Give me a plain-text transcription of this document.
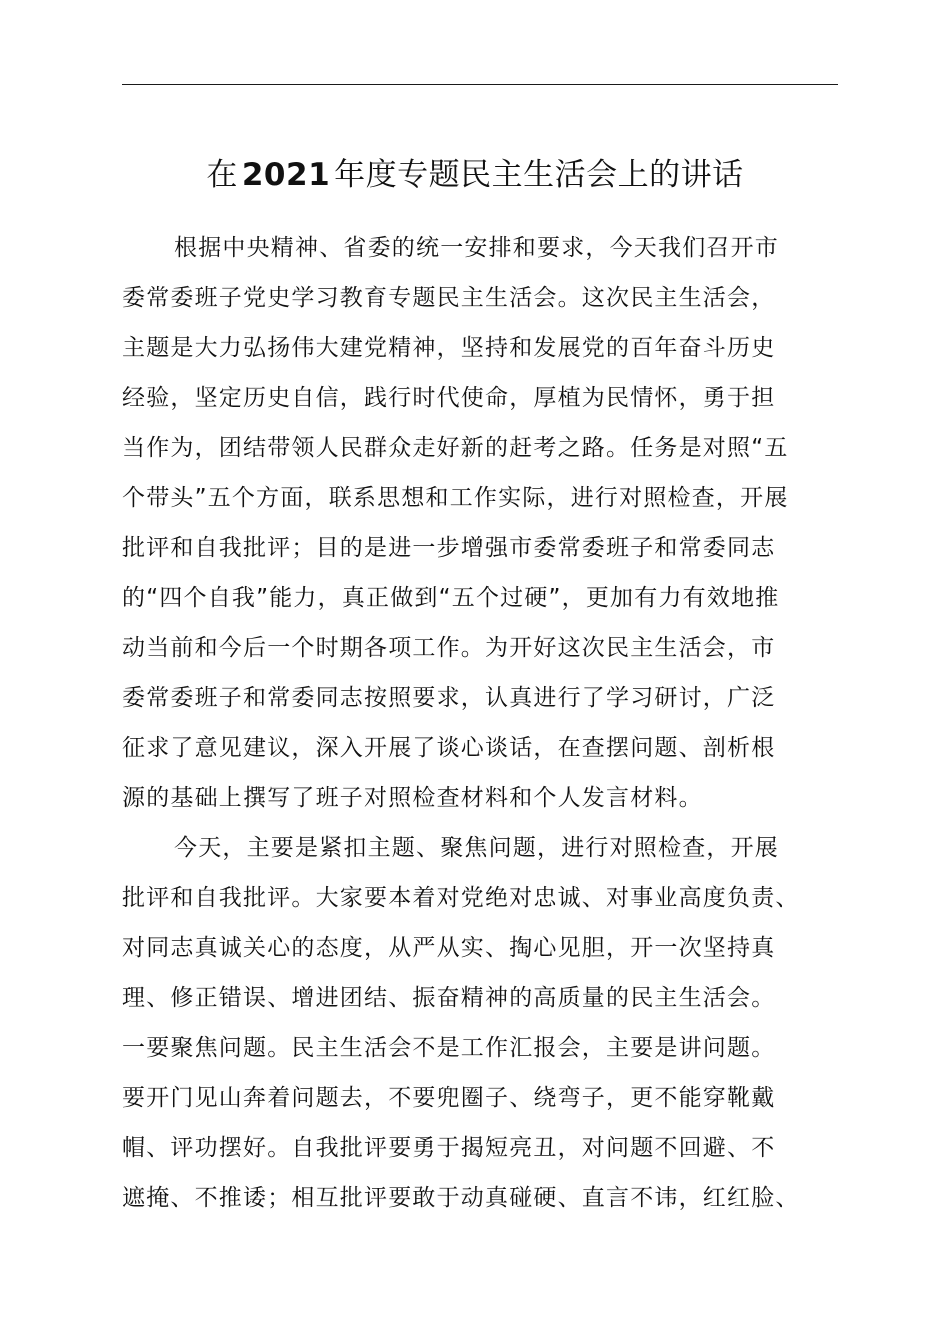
在 2021 年度专题民主生活会上的讲话
根据中央精神、省委的统一安排和要求，今天我们召开市
委常委班子党史学习教育专题民主生活会。这次民主生活会，
主题是大力弘扬伟大建党精神，坚持和发展党的百年奋斗历史
经验，坚定历史自信，践行时代使命，厚植为民情怀，勇于担
当作为，团结带领人民群众走好新的赶考之路。任务是对照“五
个带头”五个方面，联系思想和工作实际，进行对照检查，开展
批评和自我批评；目的是进一步增强市委常委班子和常委同志
的“四个自我”能力，真正做到“五个过硬”，更加有力有效地推
动当前和今后一个时期各项工作。为开好这次民主生活会，市
委常委班子和常委同志按照要求，认真进行了学习研讨，广泛
征求了意见建议，深入开展了谈心谈话，在查摆问题、剖析根
源的基础上撰写了班子对照检查材料和个人发言材料。
今天，主要是紧扣主题、聚焦问题，进行对照检查，开展
批评和自我批评。大家要本着对党绝对忠诚、对事业高度负责、
对同志真诚关心的态度，从严从实、掏心见胆，开一次坚持真
理、修正错误、增进团结、振奋精神的高质量的民主生活会。
一要聚焦问题。民主生活会不是工作汇报会，主要是讲问题。
要开门见山奔着问题去，不要兜圈子、绕弯子，更不能穿靴戴
帽、评功摆好。自我批评要勇于揭短亮丑，对问题不回避、不
遮掩、不推诿；相互批评要敢于动真碰硬、直言不讳，红红脸、
